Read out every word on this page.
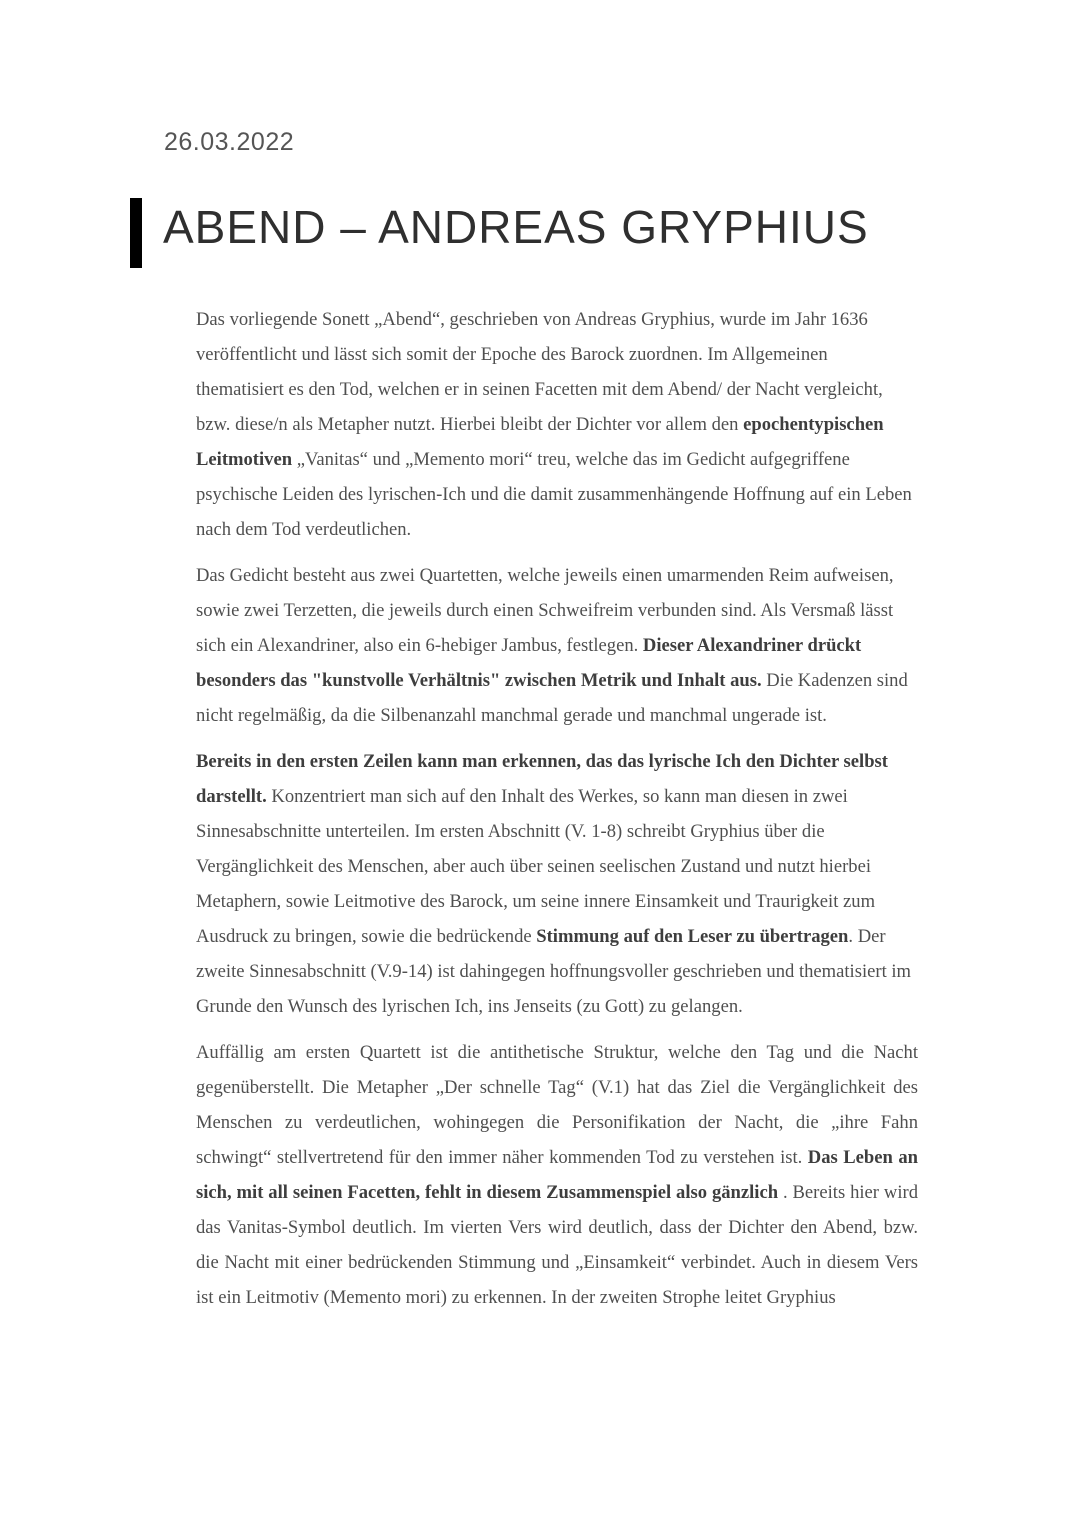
26.03.2022
ABEND – ANDREAS GRYPHIUS

Das vorliegende Sonett „Abend“, geschrieben von Andreas Gryphius, wurde im Jahr 1636 veröffentlicht und lässt sich somit der Epoche des Barock zuordnen. Im Allgemeinen thematisiert es den Tod, welchen er in seinen Facetten mit dem Abend/ der Nacht vergleicht, bzw. diese/n als Metapher nutzt. Hierbei bleibt der Dichter vor allem den epochentypischen Leitmotiven „Vanitas“ und „Memento mori“ treu, welche das im Gedicht aufgegriffene psychische Leiden des lyrischen-Ich und die damit zusammenhängende Hoffnung auf ein Leben nach dem Tod verdeutlichen.

Das Gedicht besteht aus zwei Quartetten, welche jeweils einen umarmenden Reim aufweisen, sowie zwei Terzetten, die jeweils durch einen Schweifreim verbunden sind. Als Versmaß lässt sich ein Alexandriner, also ein 6-hebiger Jambus, festlegen. Dieser Alexandriner drückt besonders das "kunstvolle Verhältnis" zwischen Metrik und Inhalt aus. Die Kadenzen sind nicht regelmäßig, da die Silbenanzahl manchmal gerade und manchmal ungerade ist.

Bereits in den ersten Zeilen kann man erkennen, das das lyrische Ich den Dichter selbst darstellt. Konzentriert man sich auf den Inhalt des Werkes, so kann man diesen in zwei Sinnesabschnitte unterteilen. Im ersten Abschnitt (V. 1-8) schreibt Gryphius über die Vergänglichkeit des Menschen, aber auch über seinen seelischen Zustand und nutzt hierbei Metaphern, sowie Leitmotive des Barock, um seine innere Einsamkeit und Traurigkeit zum Ausdruck zu bringen, sowie die bedrückende Stimmung auf den Leser zu übertragen. Der zweite Sinnesabschnitt (V.9-14) ist dahingegen hoffnungsvoller geschrieben und thematisiert im Grunde den Wunsch des lyrischen Ich, ins Jenseits (zu Gott) zu gelangen.

Auffällig am ersten Quartett ist die antithetische Struktur, welche den Tag und die Nacht gegenüberstellt. Die Metapher „Der schnelle Tag“ (V.1) hat das Ziel die Vergänglichkeit des Menschen zu verdeutlichen, wohingegen die Personifikation der Nacht, die „ihre Fahn schwingt“ stellvertretend für den immer näher kommenden Tod zu verstehen ist. Das Leben an sich, mit all seinen Facetten, fehlt in diesem Zusammenspiel also gänzlich . Bereits hier wird das Vanitas-Symbol deutlich. Im vierten Vers wird deutlich, dass der Dichter den Abend, bzw. die Nacht mit einer bedrückenden Stimmung und „Einsamkeit“ verbindet. Auch in diesem Vers ist ein Leitmotiv (Memento mori) zu erkennen. In der zweiten Strophe leitet Gryphius
